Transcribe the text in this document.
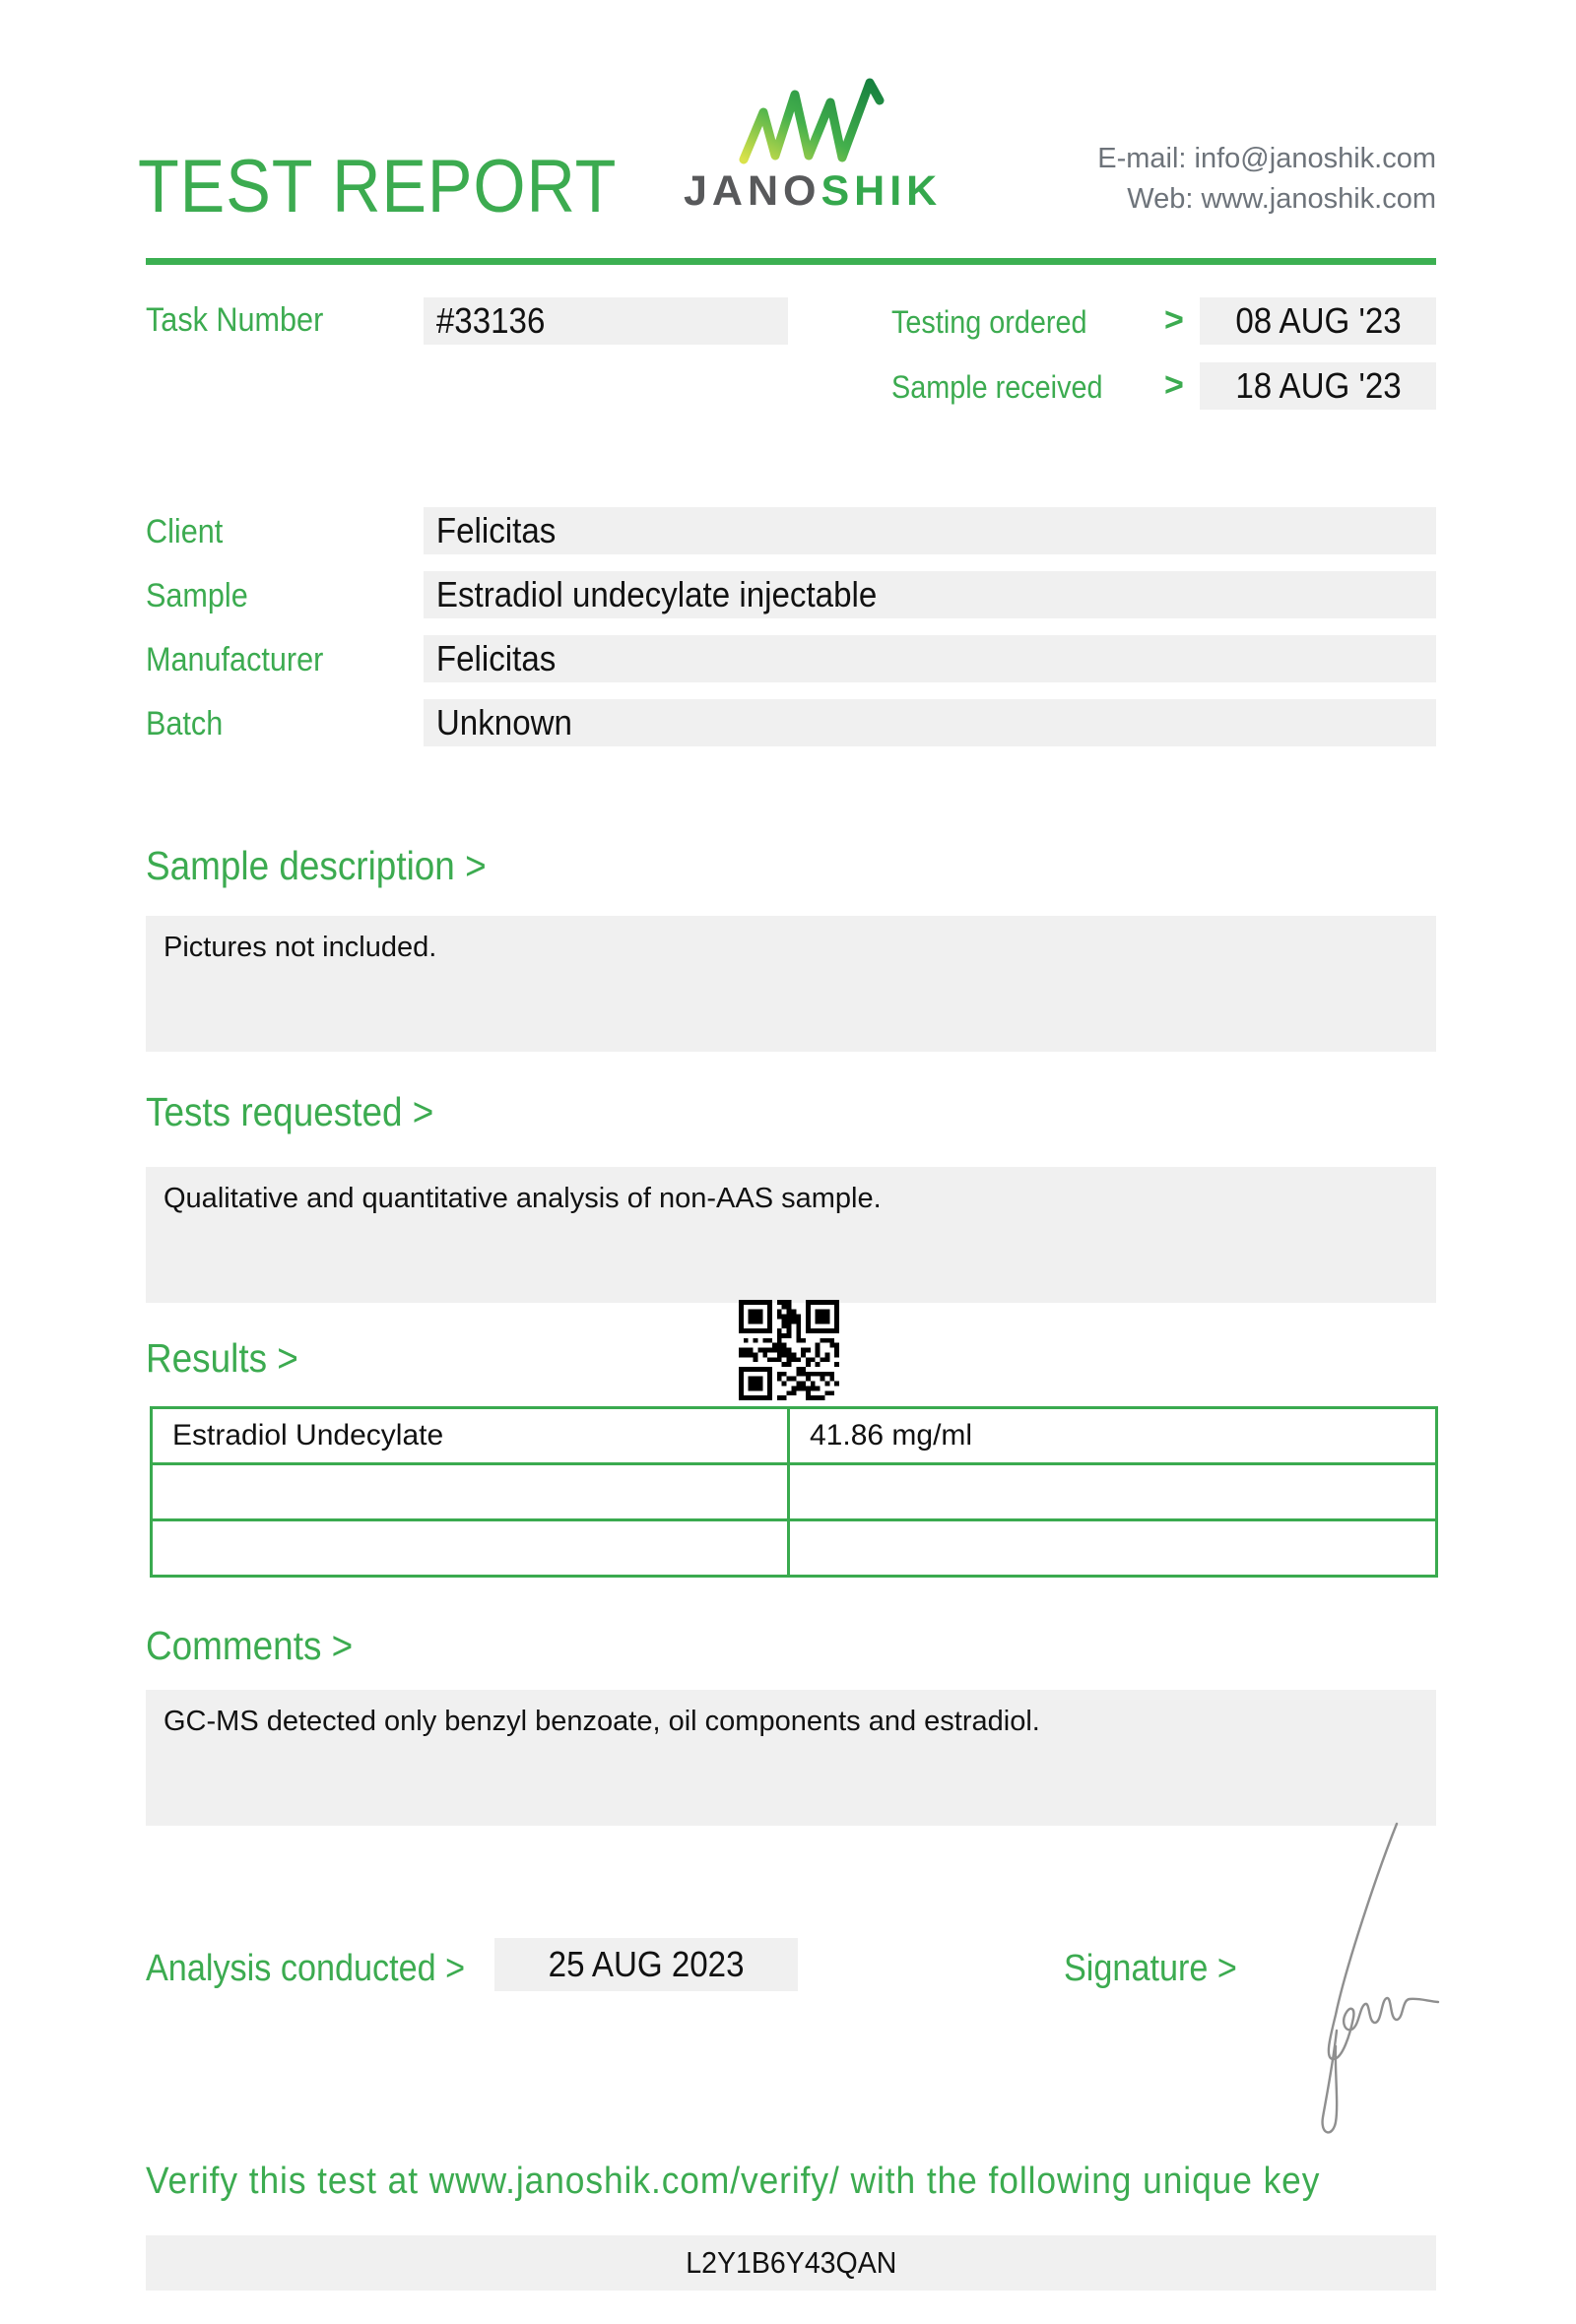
TEST REPORT	JANOSHIK
E-mail: info@janoshik.com
Web: www.janoshik.com
Task Number	#33136	Testing ordered	>	08 AUG '23
Sample received	>	18 AUG '23
Client	Felicitas
Sample	Estradiol undecylate injectable
Manufacturer	Felicitas
Batch	Unknown
Sample description >
Pictures not included.
Tests requested >
Qualitative and quantitative analysis of non-AAS sample.
Results >
Estradiol Undecylate	41.86 mg/ml
Comments >
GC-MS detected only benzyl benzoate, oil components and estradiol.
Analysis conducted >	25 AUG 2023	Signature >
Verify this test at www.janoshik.com/verify/ with the following unique key
L2Y1B6Y43QAN
